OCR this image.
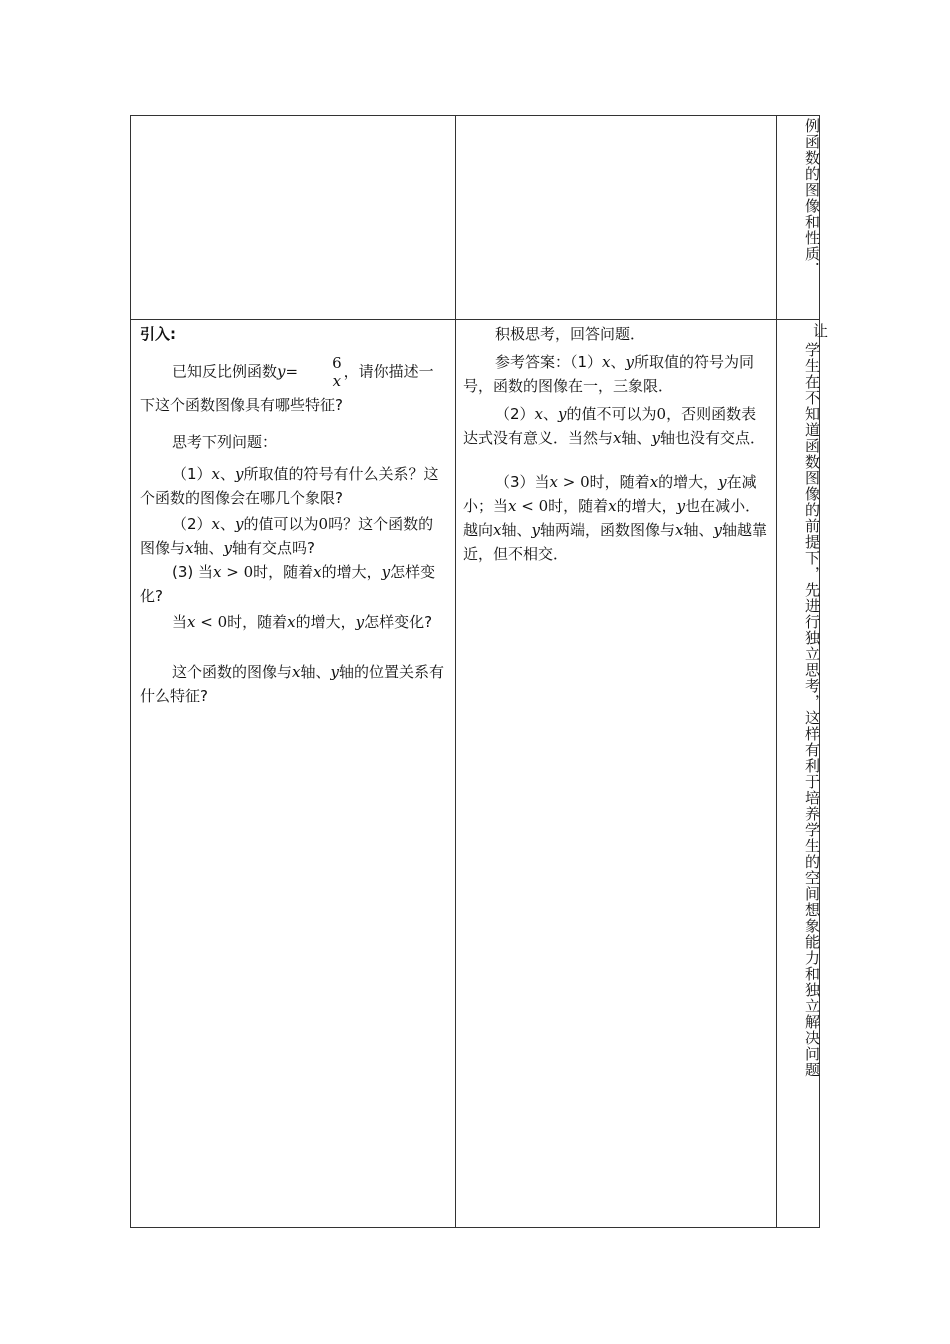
例函数的图像和性质．

引入:

已知反比例函数y=	6
x
，请你描述一下这个函数图像具有哪些特征?

思考下列问题：

（1）x、y所取值的符号有什么关系？这个函数的图像会在哪几个象限?

（2）x、y的值可以为0吗？这个函数的图像与x轴、y轴有交点吗?

(3) 当x > 0时，随着x的增大，y怎样变化?

当x < 0时，随着x的增大，y怎样变化?

这个函数的图像与x轴、y轴的位置关系有什么特征?

积极思考，回答问题．

参考答案：（1）x、y所取值的符号为同号，函数的图像在一，三象限．

（2）x、y的值不可以为0，否则函数表达式没有意义．当然与x轴、y轴也没有交点．

（3）当x > 0时，随着x的增大，y在减小；当x < 0时，随着x的增大，y也在减小．越向x轴、y轴两端，函数图像与x轴、y轴越靠近，但不相交．

让
学生在不知道函数图像的前提下，先进行独立思考，这样有利于培养学生的空间想象能力和独立解决问题
